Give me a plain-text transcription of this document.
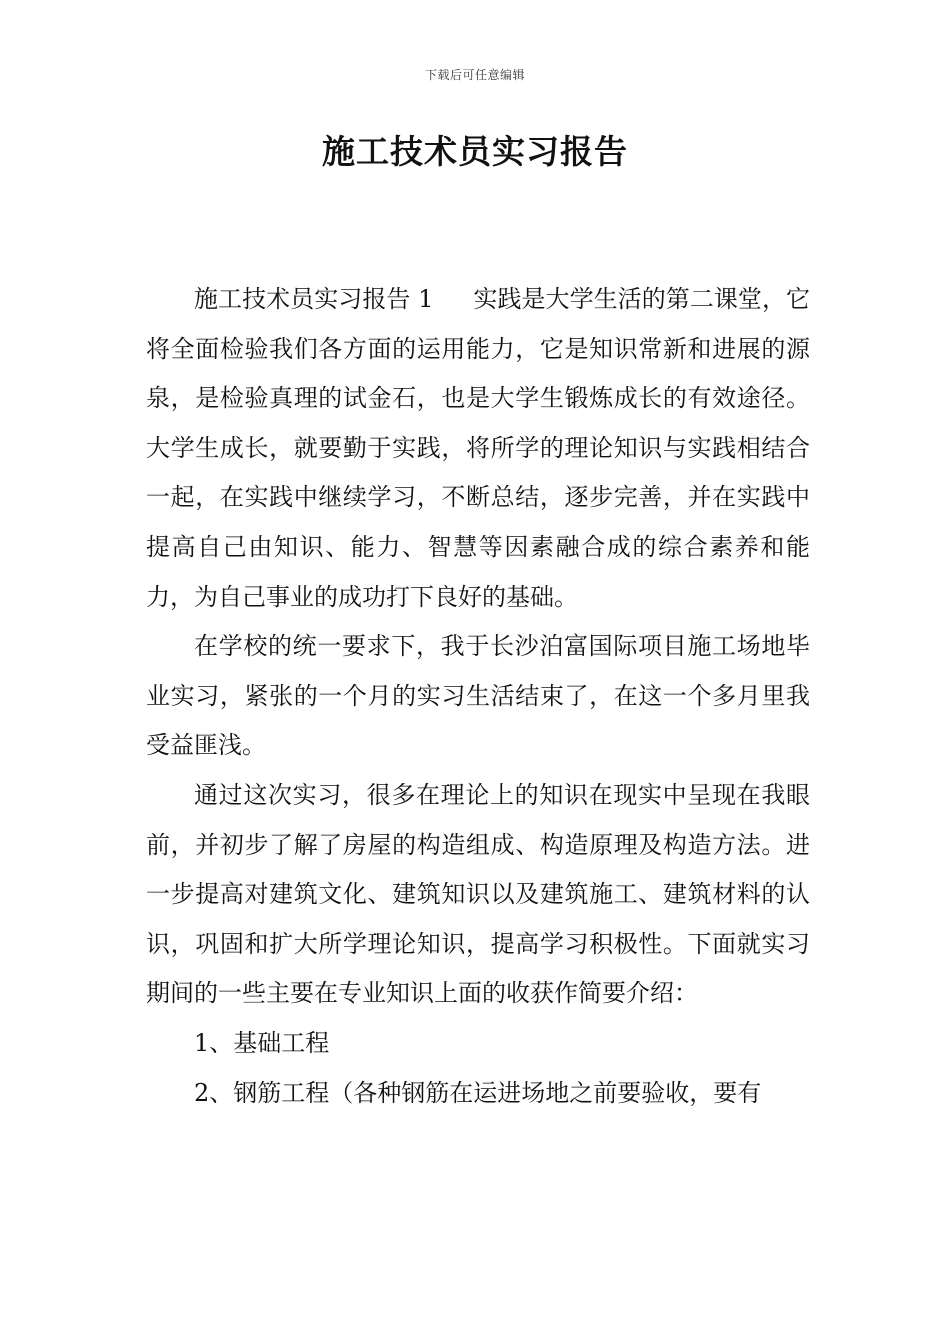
下载后可任意编辑
施工技术员实习报告

施工技术员实习报告 1 实践是大学生活的第二课堂，它将全面检验我们各方面的运用能力，它是知识常新和进展的源泉，是检验真理的试金石，也是大学生锻炼成长的有效途径。大学生成长，就要勤于实践，将所学的理论知识与实践相结合一起，在实践中继续学习，不断总结，逐步完善，并在实践中提高自己由知识、能力、智慧等因素融合成的综合素养和能力，为自己事业的成功打下良好的基础。

在学校的统一要求下，我于长沙泊富国际项目施工场地毕业实习，紧张的一个月的实习生活结束了，在这一个多月里我受益匪浅。

通过这次实习，很多在理论上的知识在现实中呈现在我眼前，并初步了解了房屋的构造组成、构造原理及构造方法。进一步提高对建筑文化、建筑知识以及建筑施工、建筑材料的认识，巩固和扩大所学理论知识，提高学习积极性。下面就实习期间的一些主要在专业知识上面的收获作简要介绍：

1、基础工程

2、钢筋工程（各种钢筋在运进场地之前要验收，要有
